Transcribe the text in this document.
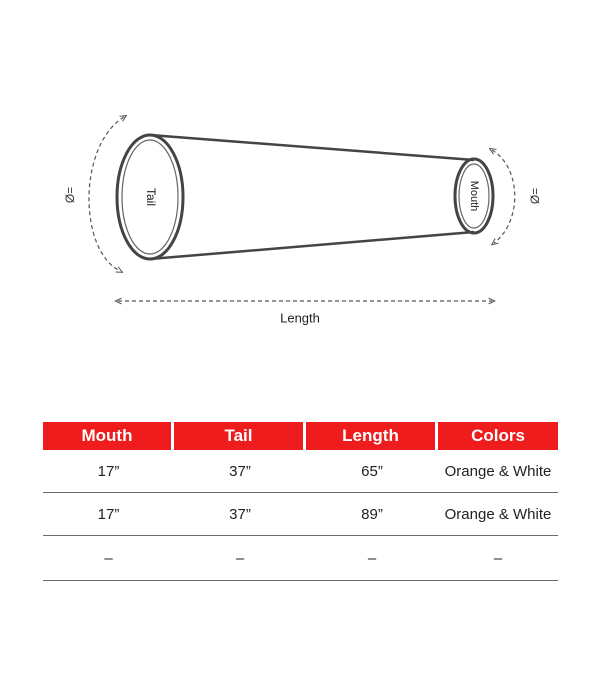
Tail	Mouth
Ø=	Ø=
Length
Mouth	Tail	Length	Colors
17”	37”	65”	Orange & White
17”	37”	89”	Orange & White
–	–	–	–
